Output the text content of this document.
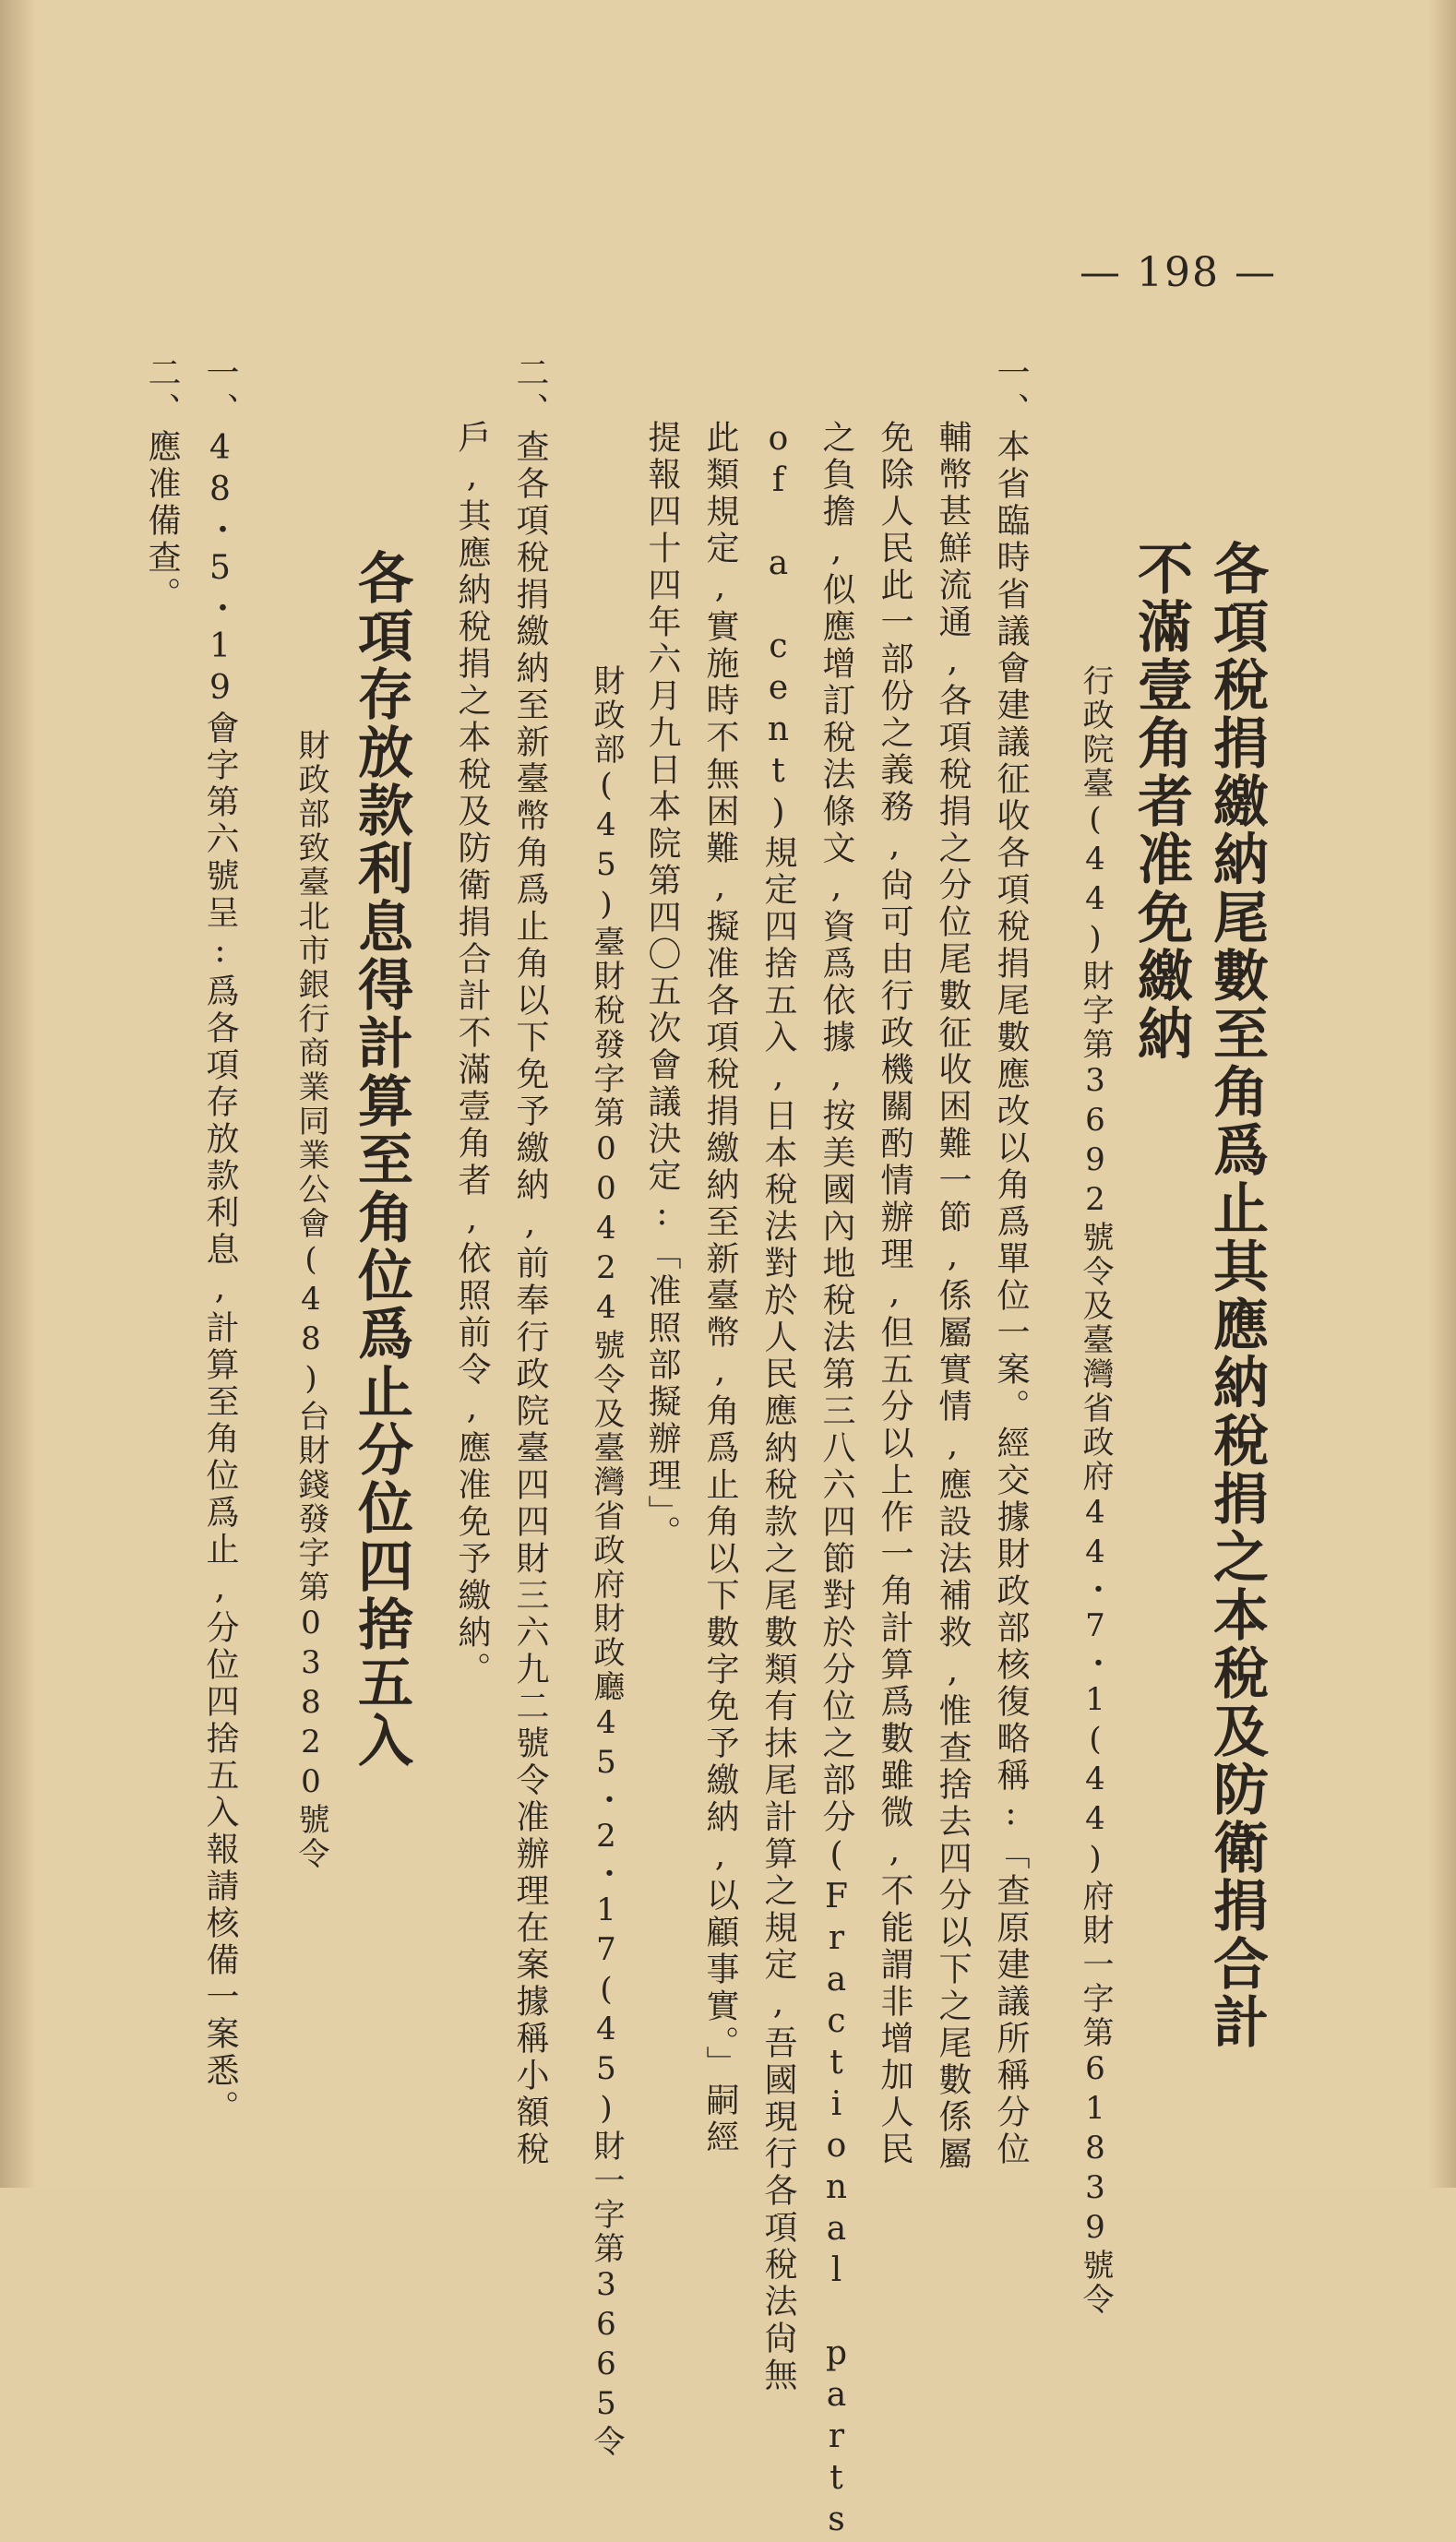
— 198 —
各項稅捐繳納尾數至角爲止其應納稅捐之本稅及防衛捐合計
不滿壹角者准免繳納
行政院臺(44)財字第3692號令及臺灣省政府44・7・1(44)府財一字第61839號令
一、本省臨時省議會建議征收各項稅捐尾數應改以角爲單位一案。經交據財政部核復略稱:「查原建議所稱分位
輔幣甚鮮流通,各項稅捐之分位尾數征收困難一節,係屬實情,應設法補救,惟查捨去四分以下之尾數係屬
免除人民此一部份之義務,尙可由行政機關酌情辦理,但五分以上作一角計算爲數雖微,不能謂非增加人民
之負擔,似應增訂稅法條文,資爲依據,按美國內地稅法第三八六四節對於分位之部分(Fractional parts
of a cent)規定四捨五入,日本稅法對於人民應納稅款之尾數類有抹尾計算之規定,吾國現行各項稅法尙無
此類規定,實施時不無困難,擬准各項稅捐繳納至新臺幣,角爲止角以下數字免予繳納,以顧事實。」嗣經
提報四十四年六月九日本院第四〇五次會議決定:「准照部擬辦理」。
財政部(45)臺財稅發字第00424號令及臺灣省政府財政廳45・2・17(45)財一字第3665令
二、查各項稅捐繳納至新臺幣角爲止角以下免予繳納,前奉行政院臺四四財三六九二號令准辦理在案據稱小額稅
戶,其應納稅捐之本稅及防衛捐合計不滿壹角者,依照前令,應准免予繳納。
各項存放款利息得計算至角位爲止分位四捨五入
財政部致臺北市銀行商業同業公會(48)台財錢發字第03820號令
一、48・5・19會字第六號呈:爲各項存放款利息,計算至角位爲止,分位四捨五入報請核備一案悉。
二、應准備查。
